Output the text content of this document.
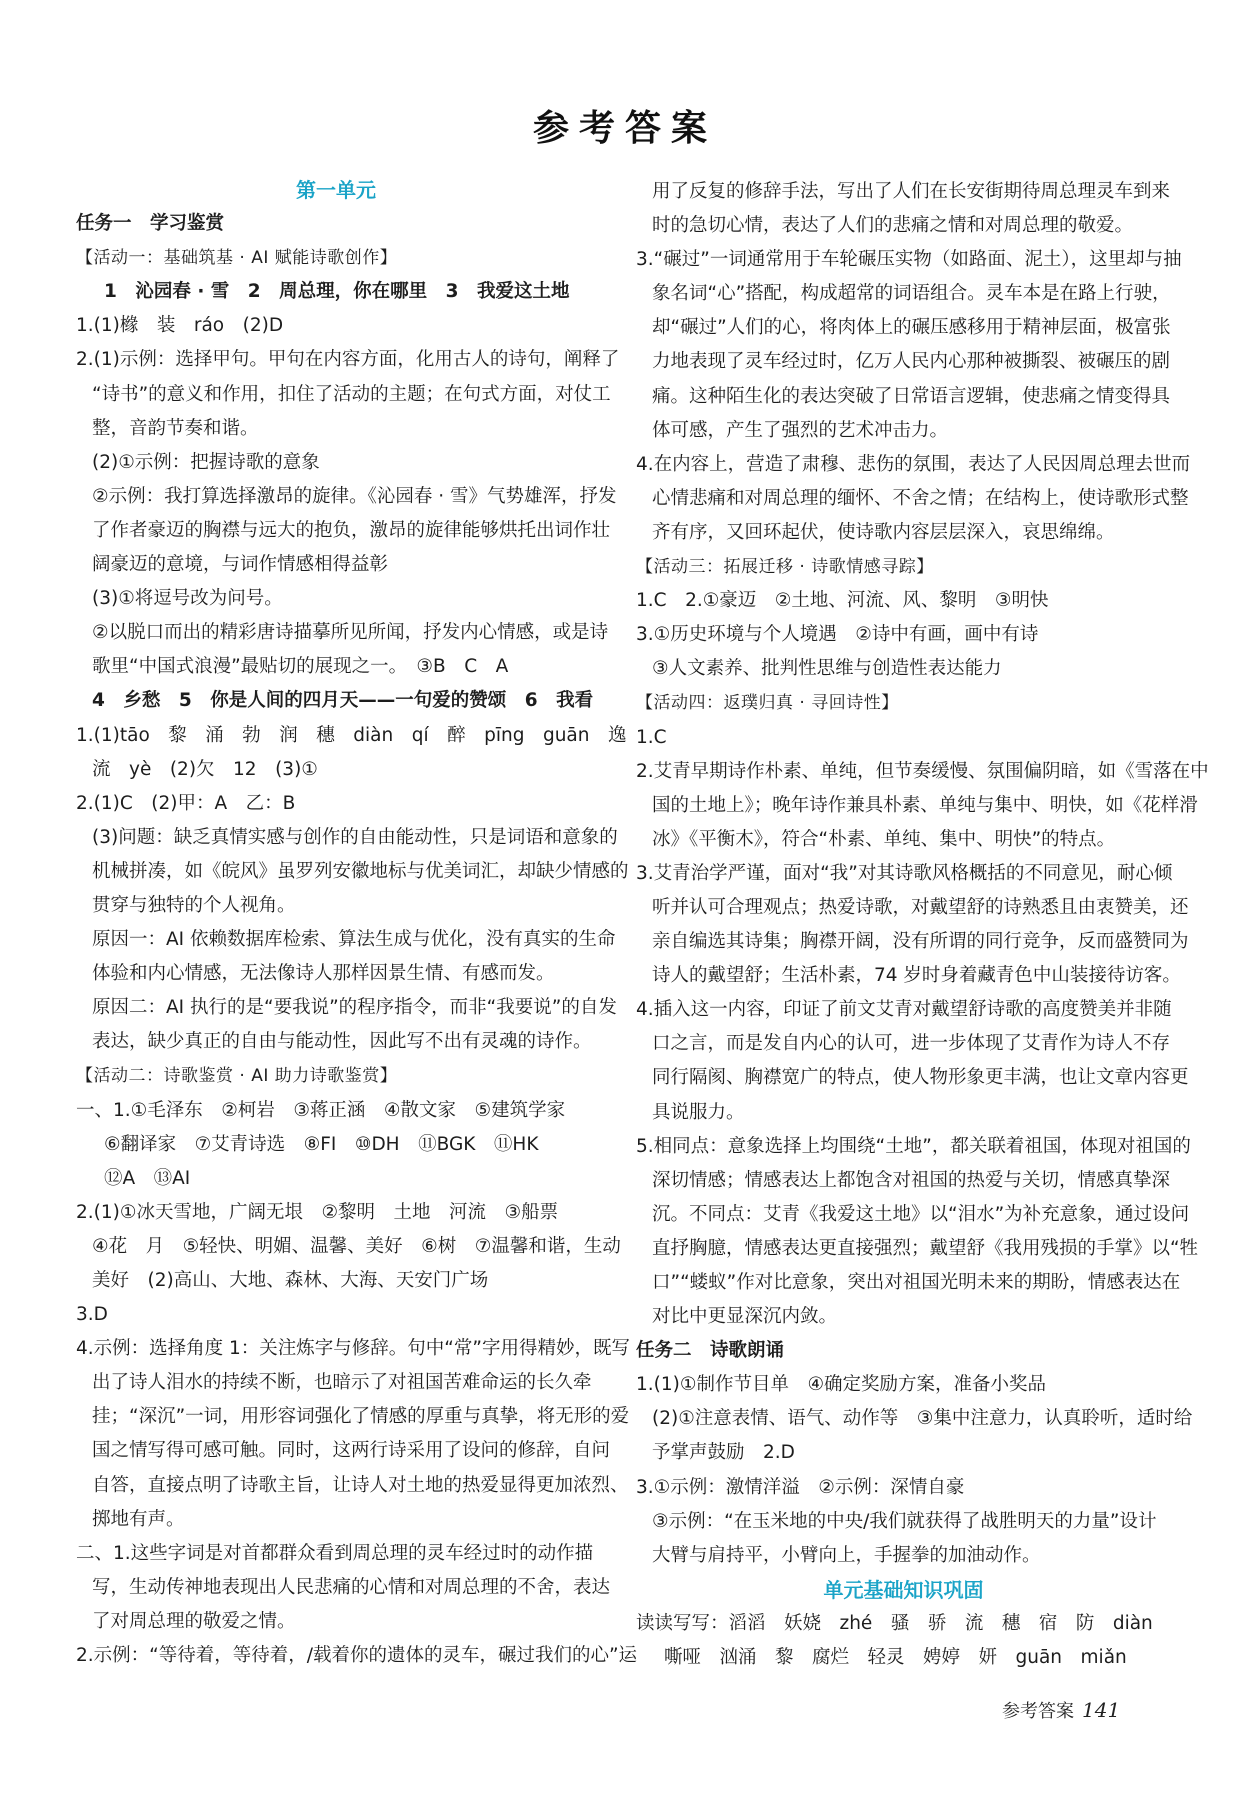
参考答案
第一单元
任务一　学习鉴赏
【活动一：基础筑基 · AI 赋能诗歌创作】
1　沁园春 · 雪　2　周总理，你在哪里　3　我爱这土地
1.(1)橼　装　ráo　(2)D
2.(1)示例：选择甲句。甲句在内容方面，化用古人的诗句，阐释了
“诗书”的意义和作用，扣住了活动的主题；在句式方面，对仗工
整，音韵节奏和谐。
(2)①示例：把握诗歌的意象
②示例：我打算选择激昂的旋律。《沁园春 · 雪》气势雄浑，抒发
了作者豪迈的胸襟与远大的抱负，激昂的旋律能够烘托出词作壮
阔豪迈的意境，与词作情感相得益彰
(3)①将逗号改为问号。
②以脱口而出的精彩唐诗描摹所见所闻，抒发内心情感，或是诗
歌里“中国式浪漫”最贴切的展现之一。　③B　C　A
4　乡愁　5　你是人间的四月天——一句爱的赞颂　6　我看
1.(1)tāo　黎　涌　勃　润　穗　diàn　qí　醉　pīng　guān　逸
流　yè　(2)欠　12　(3)①
2.(1)C　(2)甲：A　乙：B
(3)问题：缺乏真情实感与创作的自由能动性，只是词语和意象的
机械拼凑，如《皖风》虽罗列安徽地标与优美词汇，却缺少情感的
贯穿与独特的个人视角。
原因一：AI 依赖数据库检索、算法生成与优化，没有真实的生命
体验和内心情感，无法像诗人那样因景生情、有感而发。
原因二：AI 执行的是“要我说”的程序指令，而非“我要说”的自发
表达，缺少真正的自由与能动性，因此写不出有灵魂的诗作。
【活动二：诗歌鉴赏 · AI 助力诗歌鉴赏】
一、1.①毛泽东　②柯岩　③蒋正涵　④散文家　⑤建筑学家
⑥翻译家　⑦艾青诗选　⑧FI　⑩DH　⑪BGK　⑪HK
⑫A　⑬AI
2.(1)①冰天雪地，广阔无垠　②黎明　土地　河流　③船票
④花　月　⑤轻快、明媚、温馨、美好　⑥树　⑦温馨和谐，生动
美好　(2)高山、大地、森林、大海、天安门广场
3.D
4.示例：选择角度 1：关注炼字与修辞。句中“常”字用得精妙，既写
出了诗人泪水的持续不断，也暗示了对祖国苦难命运的长久牵
挂；“深沉”一词，用形容词强化了情感的厚重与真挚，将无形的爱
国之情写得可感可触。同时，这两行诗采用了设问的修辞，自问
自答，直接点明了诗歌主旨，让诗人对土地的热爱显得更加浓烈、
掷地有声。
二、1.这些字词是对首都群众看到周总理的灵车经过时的动作描
写，生动传神地表现出人民悲痛的心情和对周总理的不舍，表达
了对周总理的敬爱之情。
2.示例：“等待着，等待着，/载着你的遗体的灵车，碾过我们的心”运
用了反复的修辞手法，写出了人们在长安街期待周总理灵车到来
时的急切心情，表达了人们的悲痛之情和对周总理的敬爱。
3.“碾过”一词通常用于车轮碾压实物（如路面、泥土），这里却与抽
象名词“心”搭配，构成超常的词语组合。灵车本是在路上行驶，
却“碾过”人们的心，将肉体上的碾压感移用于精神层面，极富张
力地表现了灵车经过时，亿万人民内心那种被撕裂、被碾压的剧
痛。这种陌生化的表达突破了日常语言逻辑，使悲痛之情变得具
体可感，产生了强烈的艺术冲击力。
4.在内容上，营造了肃穆、悲伤的氛围，表达了人民因周总理去世而
心情悲痛和对周总理的缅怀、不舍之情；在结构上，使诗歌形式整
齐有序，又回环起伏，使诗歌内容层层深入，哀思绵绵。
【活动三：拓展迁移 · 诗歌情感寻踪】
1.C　2.①豪迈　②土地、河流、风、黎明　③明快
3.①历史环境与个人境遇　②诗中有画，画中有诗
③人文素养、批判性思维与创造性表达能力
【活动四：返璞归真 · 寻回诗性】
1.C
2.艾青早期诗作朴素、单纯，但节奏缓慢、氛围偏阴暗，如《雪落在中
国的土地上》；晚年诗作兼具朴素、单纯与集中、明快，如《花样滑
冰》《平衡木》，符合“朴素、单纯、集中、明快”的特点。
3.艾青治学严谨，面对“我”对其诗歌风格概括的不同意见，耐心倾
听并认可合理观点；热爱诗歌，对戴望舒的诗熟悉且由衷赞美，还
亲自编选其诗集；胸襟开阔，没有所谓的同行竞争，反而盛赞同为
诗人的戴望舒；生活朴素，74 岁时身着藏青色中山装接待访客。
4.插入这一内容，印证了前文艾青对戴望舒诗歌的高度赞美并非随
口之言，而是发自内心的认可，进一步体现了艾青作为诗人不存
同行隔阂、胸襟宽广的特点，使人物形象更丰满，也让文章内容更
具说服力。
5.相同点：意象选择上均围绕“土地”，都关联着祖国，体现对祖国的
深切情感；情感表达上都饱含对祖国的热爱与关切，情感真挚深
沉。不同点：艾青《我爱这土地》以“泪水”为补充意象，通过设问
直抒胸臆，情感表达更直接强烈；戴望舒《我用残损的手掌》以“牲
口”“蝼蚁”作对比意象，突出对祖国光明未来的期盼，情感表达在
对比中更显深沉内敛。
任务二　诗歌朗诵
1.(1)①制作节目单　④确定奖励方案，准备小奖品
(2)①注意表情、语气、动作等　③集中注意力，认真聆听，适时给
予掌声鼓励　2.D
3.①示例：激情洋溢　②示例：深情自豪
③示例：“在玉米地的中央/我们就获得了战胜明天的力量”设计
大臂与肩持平，小臂向上，手握拳的加油动作。
单元基础知识巩固
读读写写：滔滔　妖娆　zhé　骚　骄　流　穗　宿　防　diàn
嘶哑　汹涌　黎　腐烂　轻灵　娉婷　妍　guān　miǎn
参考答案 141
